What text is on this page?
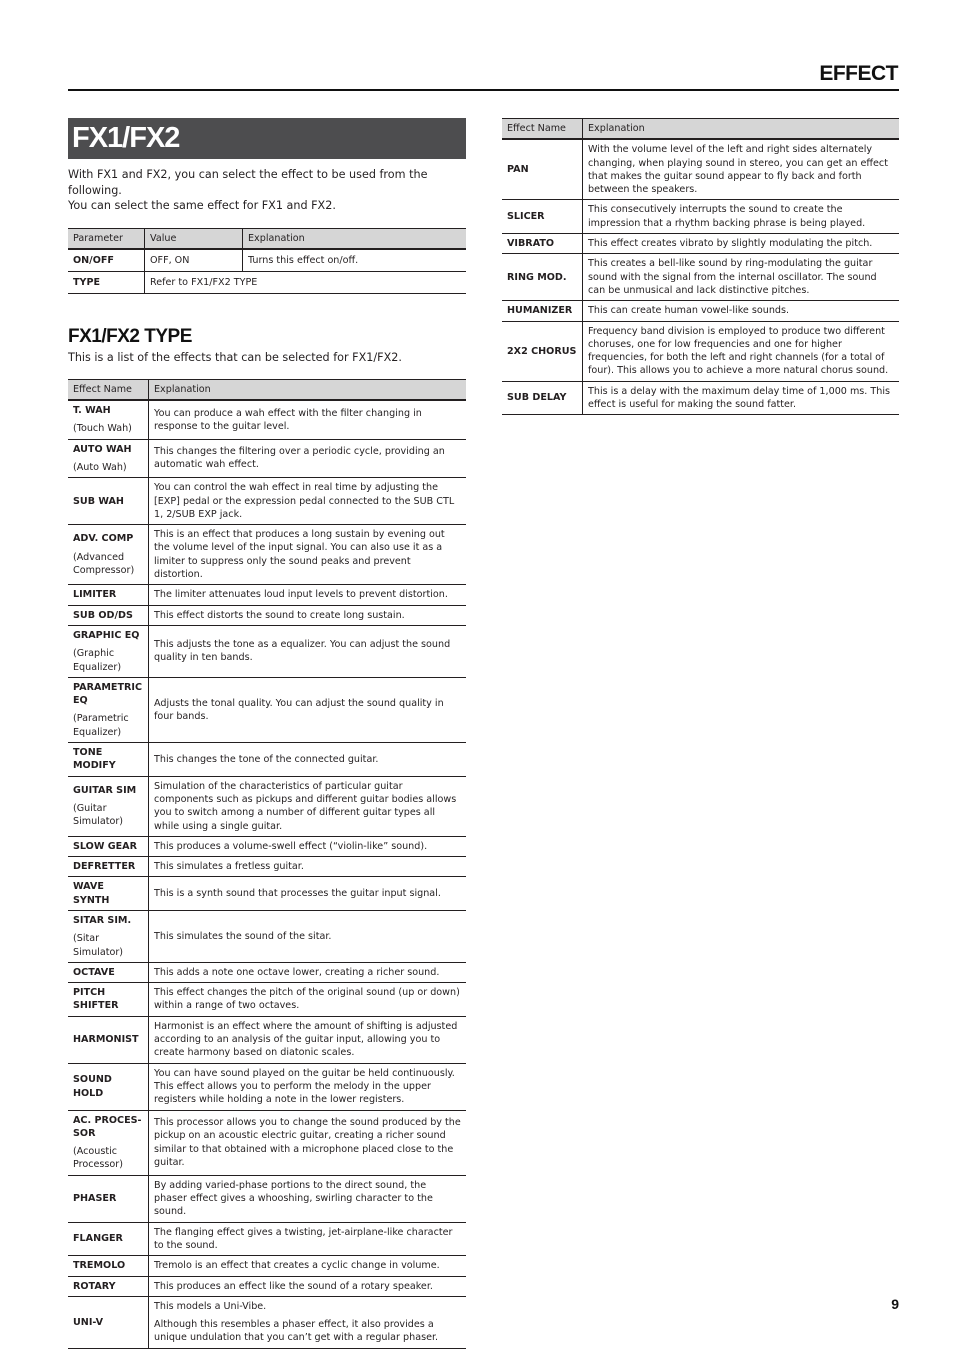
EFFECT
FX1/FX2

With FX1 and FX2, you can select the effect to be used from the following.

You can select the same effect for FX1 and FX2.

Parameter	Value	Explanation
ON/OFF	OFF, ON	Turns this effect on/off.
TYPE	Refer to FX1/FX2 TYPE	
FX1/FX2 TYPE
This is a list of the effects that can be selected for FX1/FX2.
Effect Name	Explanation

T. WAH
(Touch Wah)	You can produce a wah effect with the filter changing in response to the guitar level.

AUTO WAH
(Auto Wah)	This changes the filtering over a periodic cycle, providing an automatic wah effect.

SUB WAH	You can control the wah effect in real time by adjusting the [EXP] pedal or the expression pedal connected to the SUB CTL 1, 2/SUB EXP jack.

ADV. COMP
(Advanced Compressor)	This is an effect that produces a long sustain by evening out the volume level of the input signal. You can also use it as a limiter to suppress only the sound peaks and prevent distortion.

LIMITER	The limiter attenuates loud input levels to prevent distortion.

SUB OD/DS	This effect distorts the sound to create long sustain.

GRAPHIC EQ
(Graphic Equalizer)	This adjusts the tone as a equalizer. You can adjust the sound quality in ten bands.

PARAMETRIC EQ
(Parametric Equalizer)	Adjusts the tonal quality. You can adjust the sound quality in four bands.

TONE MODIFY	This changes the tone of the connected guitar.

GUITAR SIM
(Guitar Simulator)	Simulation of the characteristics of particular guitar components such as pickups and different guitar bodies allows you to switch among a number of different guitar types all while using a single guitar.

SLOW GEAR	This produces a volume-swell effect (“violin-like” sound).

DEFRETTER	This simulates a fretless guitar.

WAVE SYNTH	This is a synth sound that processes the guitar input signal.

SITAR SIM.
(Sitar Simulator)	This simulates the sound of the sitar.

OCTAVE	This adds a note one octave lower, creating a richer sound.

PITCH SHIFTER	This effect changes the pitch of the original sound (up or down) within a range of two octaves.

HARMONIST	Harmonist is an effect where the amount of shifting is adjusted according to an analysis of the guitar input, allowing you to create harmony based on diatonic scales.

SOUND HOLD	You can have sound played on the guitar be held continuously. This effect allows you to perform the melody in the upper registers while holding a note in the lower registers.

AC. PROCES-SOR
(Acoustic Processor)	This processor allows you to change the sound produced by the pickup on an acoustic electric guitar, creating a richer sound similar to that obtained with a microphone placed close to the guitar.

PHASER	By adding varied-phase portions to the direct sound, the phaser effect gives a whooshing, swirling character to the sound.

FLANGER	The flanging effect gives a twisting, jet-airplane-like character to the sound.

TREMOLO	Tremolo is an effect that creates a cyclic change in volume.

ROTARY	This produces an effect like the sound of a rotary speaker.

UNI-V	This models a Uni-Vibe.

Although this resembles a phaser effect, it also provides a unique undulation that you can’t get with a regular phaser.

Effect Name	Explanation

PAN	With the volume level of the left and right sides alternately changing, when playing sound in stereo, you can get an effect that makes the guitar sound appear to fly back and forth between the speakers.

SLICER	This consecutively interrupts the sound to create the impression that a rhythm backing phrase is being played.

VIBRATO	This effect creates vibrato by slightly modulating the pitch.

RING MOD.	This creates a bell-like sound by ring-modulating the guitar sound with the signal from the internal oscillator. The sound can be unmusical and lack distinctive pitches.

HUMANIZER	This can create human vowel-like sounds.

2X2 CHORUS	Frequency band division is employed to produce two different choruses, one for low frequencies and one for higher frequencies, for both the left and right channels (for a total of four). This allows you to achieve a more natural chorus sound.

SUB DELAY	This is a delay with the maximum delay time of 1,000 ms. This effect is useful for making the sound fatter.

9
